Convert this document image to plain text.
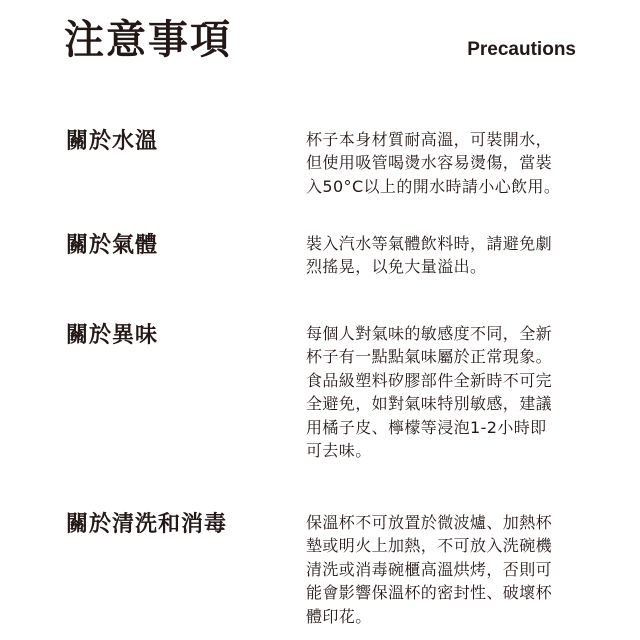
注意事項	Precautions
關於水溫	杯子本身材質耐高溫，可裝開水，
但使用吸管喝燙水容易燙傷，當裝
入50°C以上的開水時請小心飲用。
關於氣體	裝入汽水等氣體飲料時，請避免劇
烈搖晃，以免大量溢出。
關於異味	每個人對氣味的敏感度不同，全新
杯子有一點點氣味屬於正常現象。
食品級塑料矽膠部件全新時不可完
全避免，如對氣味特別敏感，建議
用橘子皮、檸檬等浸泡1-2小時即
可去味。
關於清洗和消毒	保溫杯不可放置於微波爐、加熱杯
墊或明火上加熱，不可放入洗碗機
清洗或消毒碗櫃高溫烘烤，否則可
能會影響保溫杯的密封性、破壞杯
體印花。
